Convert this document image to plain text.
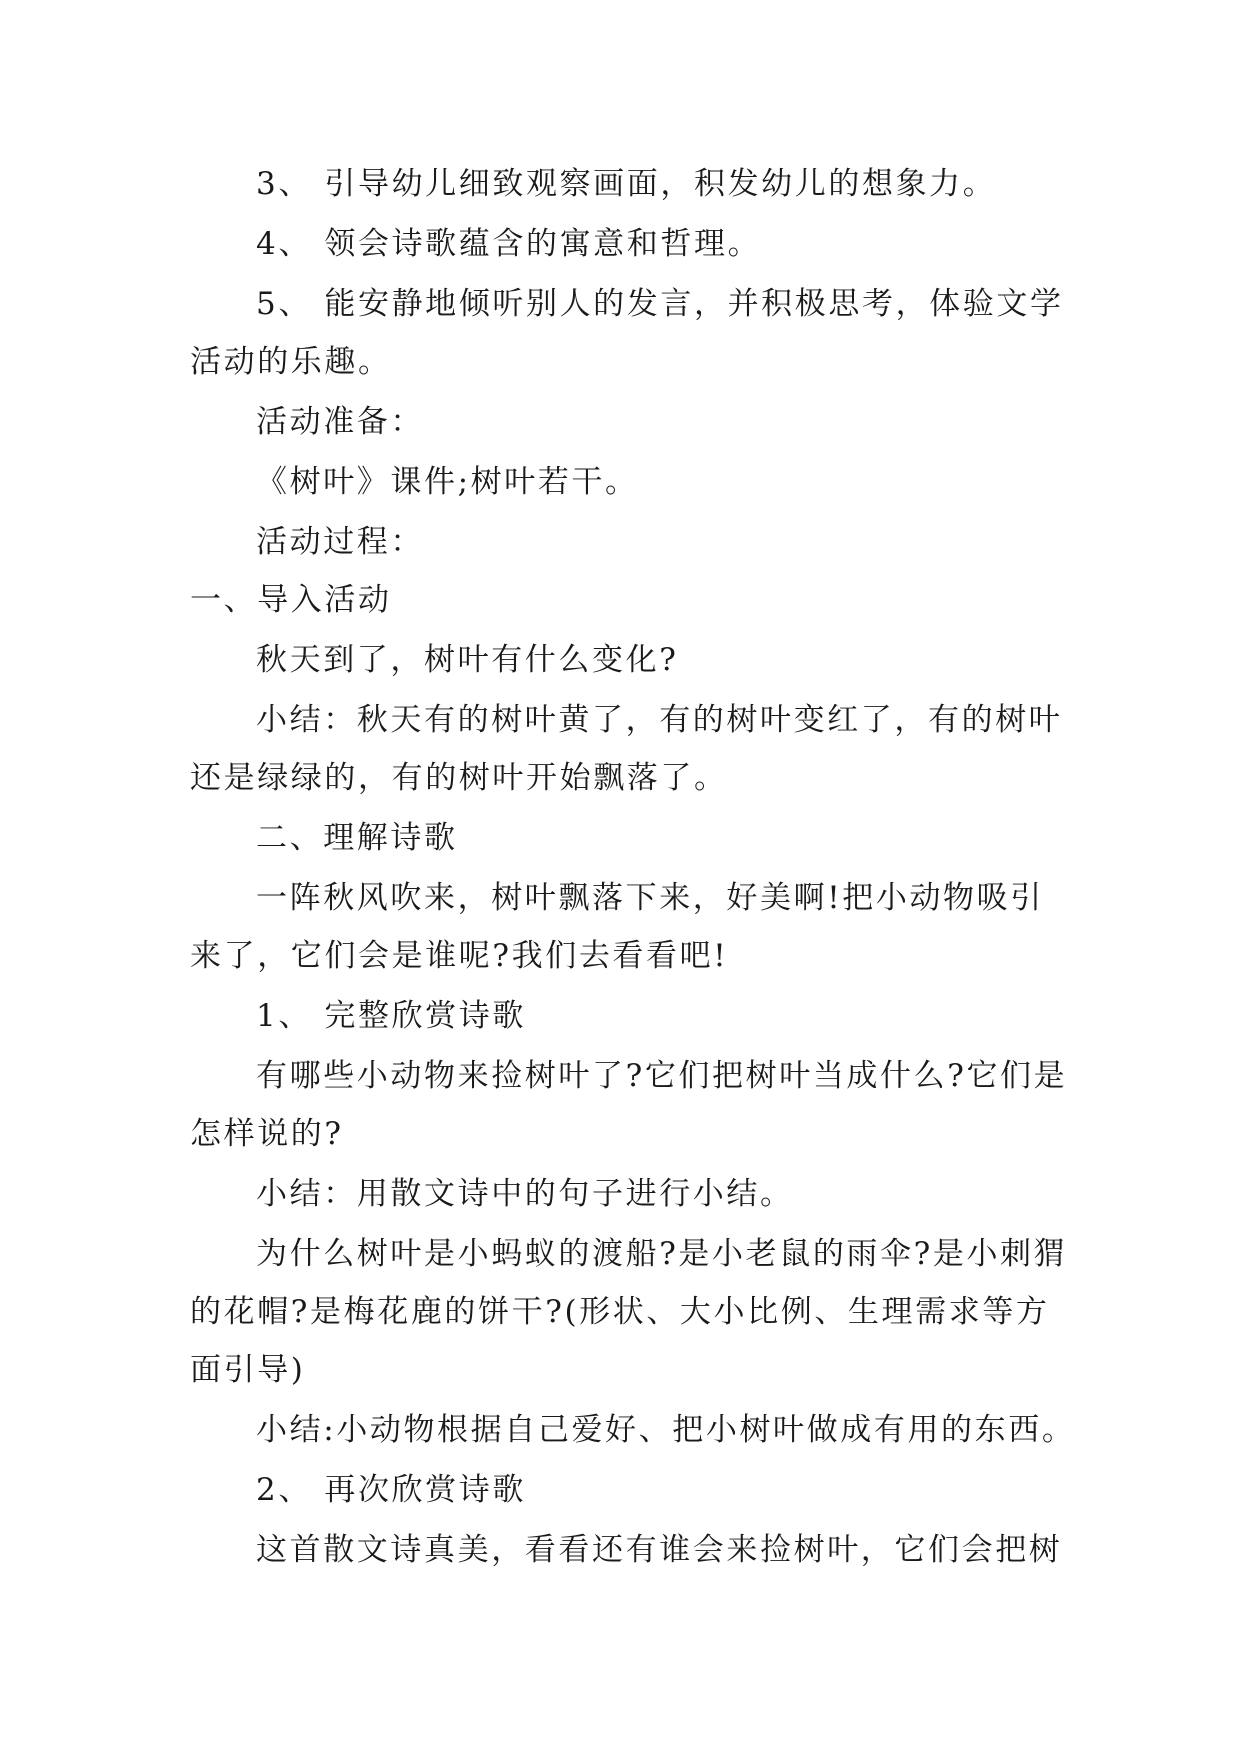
3、 引导幼儿细致观察画面，积发幼儿的想象力。
4、 领会诗歌蕴含的寓意和哲理。
5、 能安静地倾听别人的发言，并积极思考，体验文学
活动的乐趣。
活动准备：
《树叶》课件;树叶若干。
活动过程：
一、导入活动
秋天到了，树叶有什么变化?
小结：秋天有的树叶黄了，有的树叶变红了，有的树叶
还是绿绿的，有的树叶开始飘落了。
二、理解诗歌
一阵秋风吹来，树叶飘落下来，好美啊!把小动物吸引
来了，它们会是谁呢?我们去看看吧!
1、 完整欣赏诗歌
有哪些小动物来捡树叶了?它们把树叶当成什么?它们是
怎样说的?
小结：用散文诗中的句子进行小结。
为什么树叶是小蚂蚁的渡船?是小老鼠的雨伞?是小刺猬
的花帽?是梅花鹿的饼干?(形状、大小比例、生理需求等方
面引导)
小结:小动物根据自己爱好、把小树叶做成有用的东西。
2、 再次欣赏诗歌
这首散文诗真美，看看还有谁会来捡树叶，它们会把树
